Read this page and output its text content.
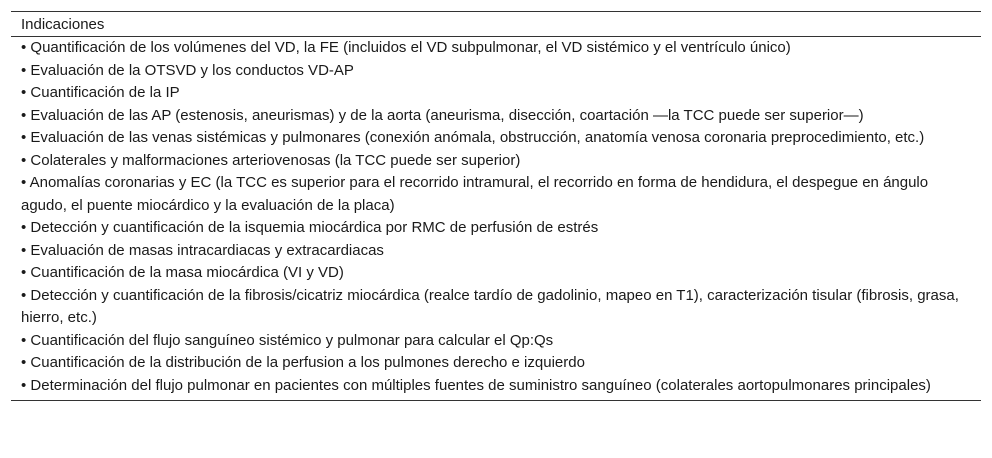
Indicaciones
• Quantificación de los volúmenes del VD, la FE (incluidos el VD subpulmonar, el VD sistémico y el ventrículo único)
• Evaluación de la OTSVD y los conductos VD-AP
• Cuantificación de la IP
• Evaluación de las AP (estenosis, aneurismas) y de la aorta (aneurisma, disección, coartación —la TCC puede ser superior—)
• Evaluación de las venas sistémicas y pulmonares (conexión anómala, obstrucción, anatomía venosa coronaria preprocedimiento, etc.)
• Colaterales y malformaciones arteriovenosas (la TCC puede ser superior)
• Anomalías coronarias y EC (la TCC es superior para el recorrido intramural, el recorrido en forma de hendidura, el despegue en ángulo agudo, el puente miocárdico y la evaluación de la placa)
• Detección y cuantificación de la isquemia miocárdica por RMC de perfusión de estrés
• Evaluación de masas intracardiacas y extracardiacas
• Cuantificación de la masa miocárdica (VI y VD)
• Detección y cuantificación de la fibrosis/cicatriz miocárdica (realce tardío de gadolinio, mapeo en T1), caracterización tisular (fibrosis, grasa, hierro, etc.)
• Cuantificación del flujo sanguíneo sistémico y pulmonar para calcular el Qp:Qs
• Cuantificación de la distribución de la perfusion a los pulmones derecho e izquierdo
• Determinación del flujo pulmonar en pacientes con múltiples fuentes de suministro sanguíneo (colaterales aortopulmonares principales)
